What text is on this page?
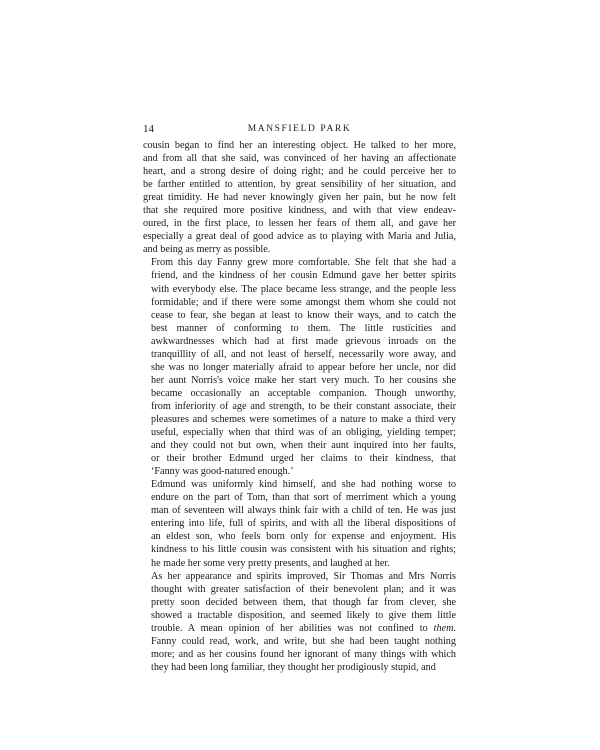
14	MANSFIELD PARK

cousin began to find her an interesting object. He talked to her more,
and from all that she said, was convinced of her having an affectionate
heart, and a strong desire of doing right; and he could perceive her to
be farther entitled to attention, by great sensibility of her situation, and
great timidity. He had never knowingly given her pain, but he now felt
that she required more positive kindness, and with that view endeav-
oured, in the first place, to lessen her fears of them all, and gave her
especially a great deal of good advice as to playing with Maria and Julia,
and being as merry as possible.

From this day Fanny grew more comfortable. She felt that she had a
friend, and the kindness of her cousin Edmund gave her better spirits
with everybody else. The place became less strange, and the people less
formidable; and if there were some amongst them whom she could not
cease to fear, she began at least to know their ways, and to catch the
best manner of conforming to them. The little rusticities and
awkwardnesses which had at first made grievous inroads on the
tranquillity of all, and not least of herself, necessarily wore away, and
she was no longer materially afraid to appear before her uncle, nor did
her aunt Norris's voice make her start very much. To her cousins she
became occasionally an acceptable companion. Though unworthy,
from inferiority of age and strength, to be their constant associate, their
pleasures and schemes were sometimes of a nature to make a third very
useful, especially when that third was of an obliging, yielding temper;
and they could not but own, when their aunt inquired into her faults,
or their brother Edmund urged her claims to their kindness, that
‘Fanny was good-natured enough.’

Edmund was uniformly kind himself, and she had nothing worse to
endure on the part of Tom, than that sort of merriment which a young
man of seventeen will always think fair with a child of ten. He was just
entering into life, full of spirits, and with all the liberal dispositions of
an eldest son, who feels born only for expense and enjoyment. His
kindness to his little cousin was consistent with his situation and rights;
he made her some very pretty presents, and laughed at her.

As her appearance and spirits improved, Sir Thomas and Mrs Norris
thought with greater satisfaction of their benevolent plan; and it was
pretty soon decided between them, that though far from clever, she
showed a tractable disposition, and seemed likely to give them little
trouble. A mean opinion of her abilities was not confined to them.
Fanny could read, work, and write, but she had been taught nothing
more; and as her cousins found her ignorant of many things with which
they had been long familiar, they thought her prodigiously stupid, and
